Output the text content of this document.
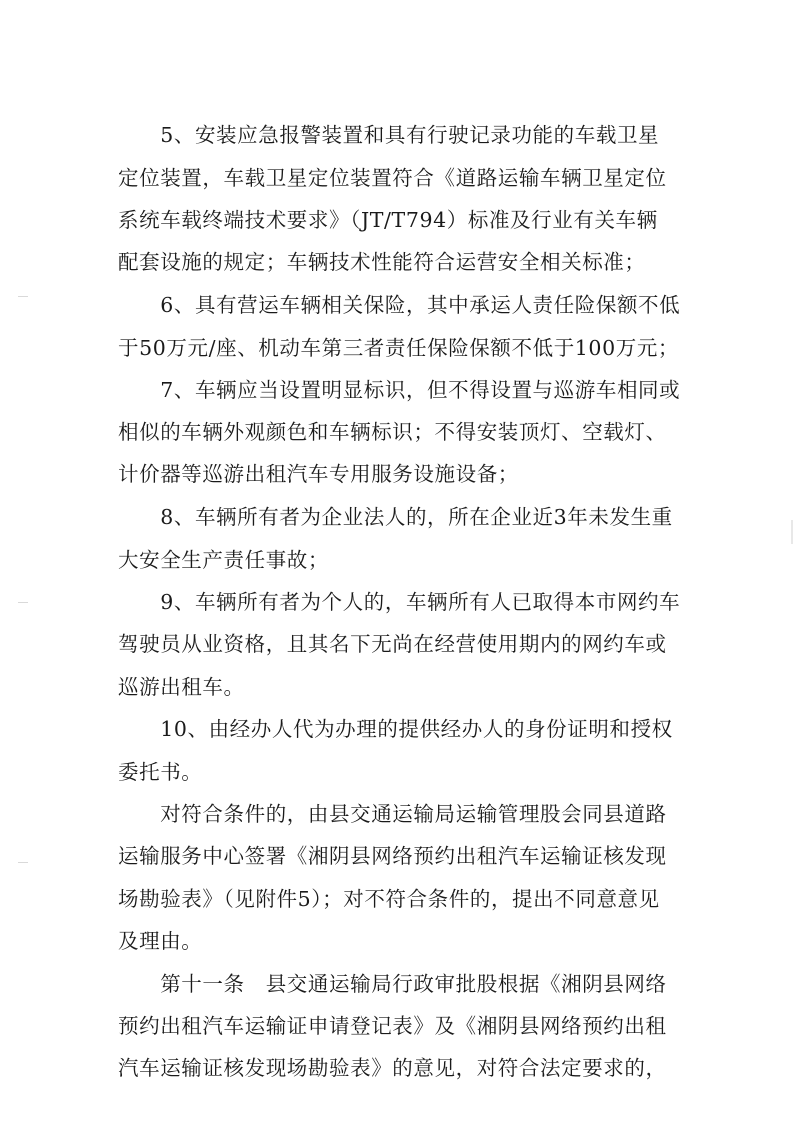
　　5、安装应急报警装置和具有行驶记录功能的车载卫星
定位装置，车载卫星定位装置符合《道路运输车辆卫星定位
系统车载终端技术要求》（JT/T794）标准及行业有关车辆
配套设施的规定；车辆技术性能符合运营安全相关标准；
　　6、具有营运车辆相关保险，其中承运人责任险保额不低
于50万元/座、机动车第三者责任保险保额不低于100万元；
　　7、车辆应当设置明显标识，但不得设置与巡游车相同或
相似的车辆外观颜色和车辆标识；不得安装顶灯、空载灯、
计价器等巡游出租汽车专用服务设施设备；
　　8、车辆所有者为企业法人的，所在企业近3年未发生重
大安全生产责任事故；
　　9、车辆所有者为个人的，车辆所有人已取得本市网约车
驾驶员从业资格，且其名下无尚在经营使用期内的网约车或
巡游出租车。
　　10、由经办人代为办理的提供经办人的身份证明和授权
委托书。
　　对符合条件的，由县交通运输局运输管理股会同县道路
运输服务中心签署《湘阴县网络预约出租汽车运输证核发现
场勘验表》（见附件5）；对不符合条件的，提出不同意意见
及理由。
　　第十一条　县交通运输局行政审批股根据《湘阴县网络
预约出租汽车运输证申请登记表》及《湘阴县网络预约出租
汽车运输证核发现场勘验表》的意见，对符合法定要求的，
